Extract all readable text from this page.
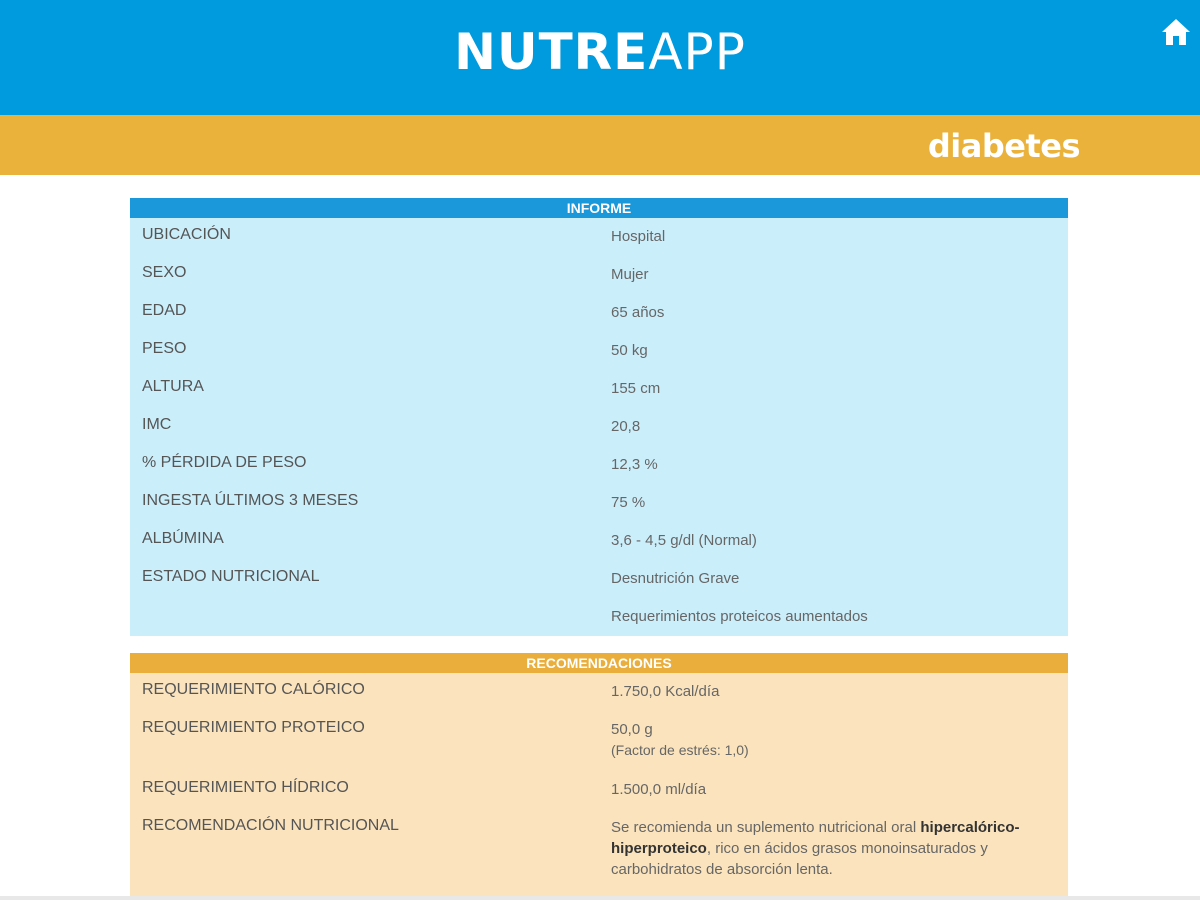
NUTREAPP
diabetes
INFORME
UBICACIÓN	Hospital
SEXO	Mujer
EDAD	65 años
PESO	50 kg
ALTURA	155 cm
IMC	20,8
% PÉRDIDA DE PESO	12,3 %
INGESTA ÚLTIMOS 3 MESES	75 %
ALBÚMINA	3,6 - 4,5 g/dl (Normal)
ESTADO NUTRICIONAL	Desnutrición Grave
Requerimientos proteicos aumentados
RECOMENDACIONES
REQUERIMIENTO CALÓRICO	1.750,0 Kcal/día
REQUERIMIENTO PROTEICO	50,0 g
(Factor de estrés: 1,0)
REQUERIMIENTO HÍDRICO	1.500,0 ml/día
RECOMENDACIÓN NUTRICIONAL	Se recomienda un suplemento nutricional oral hipercalórico-hiperproteico, rico en ácidos grasos monoinsaturados y carbohidratos de absorción lenta.
